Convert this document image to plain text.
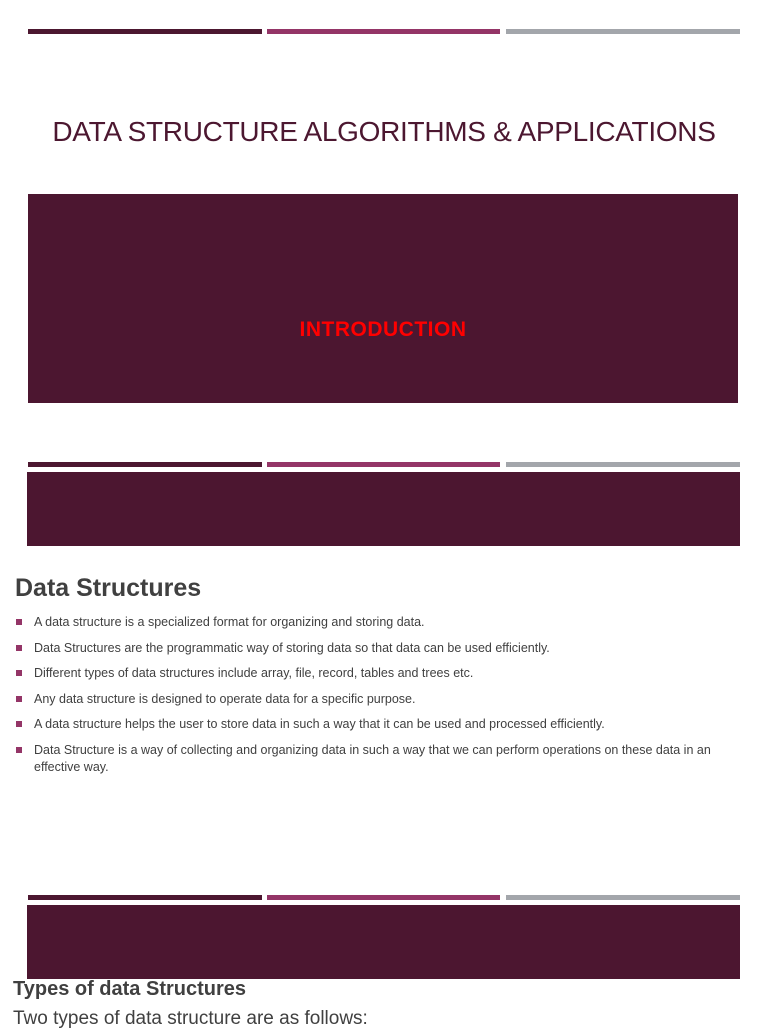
DATA STRUCTURE ALGORITHMS & APPLICATIONS
INTRODUCTION
Data Structures
A data structure is a specialized format for organizing and storing data.
Data Structures are the programmatic way of storing data so that data can be used efficiently.
Different types of data structures include array, file, record, tables and trees etc.
Any data structure is designed to operate data for a specific purpose.
A data structure helps the user to store data in such a way that it can be used and processed efficiently.
Data Structure is a way of collecting and organizing data in such a way that we can perform operations on these data in an effective way.
Types of data Structures
Two types of data structure are as follows:
